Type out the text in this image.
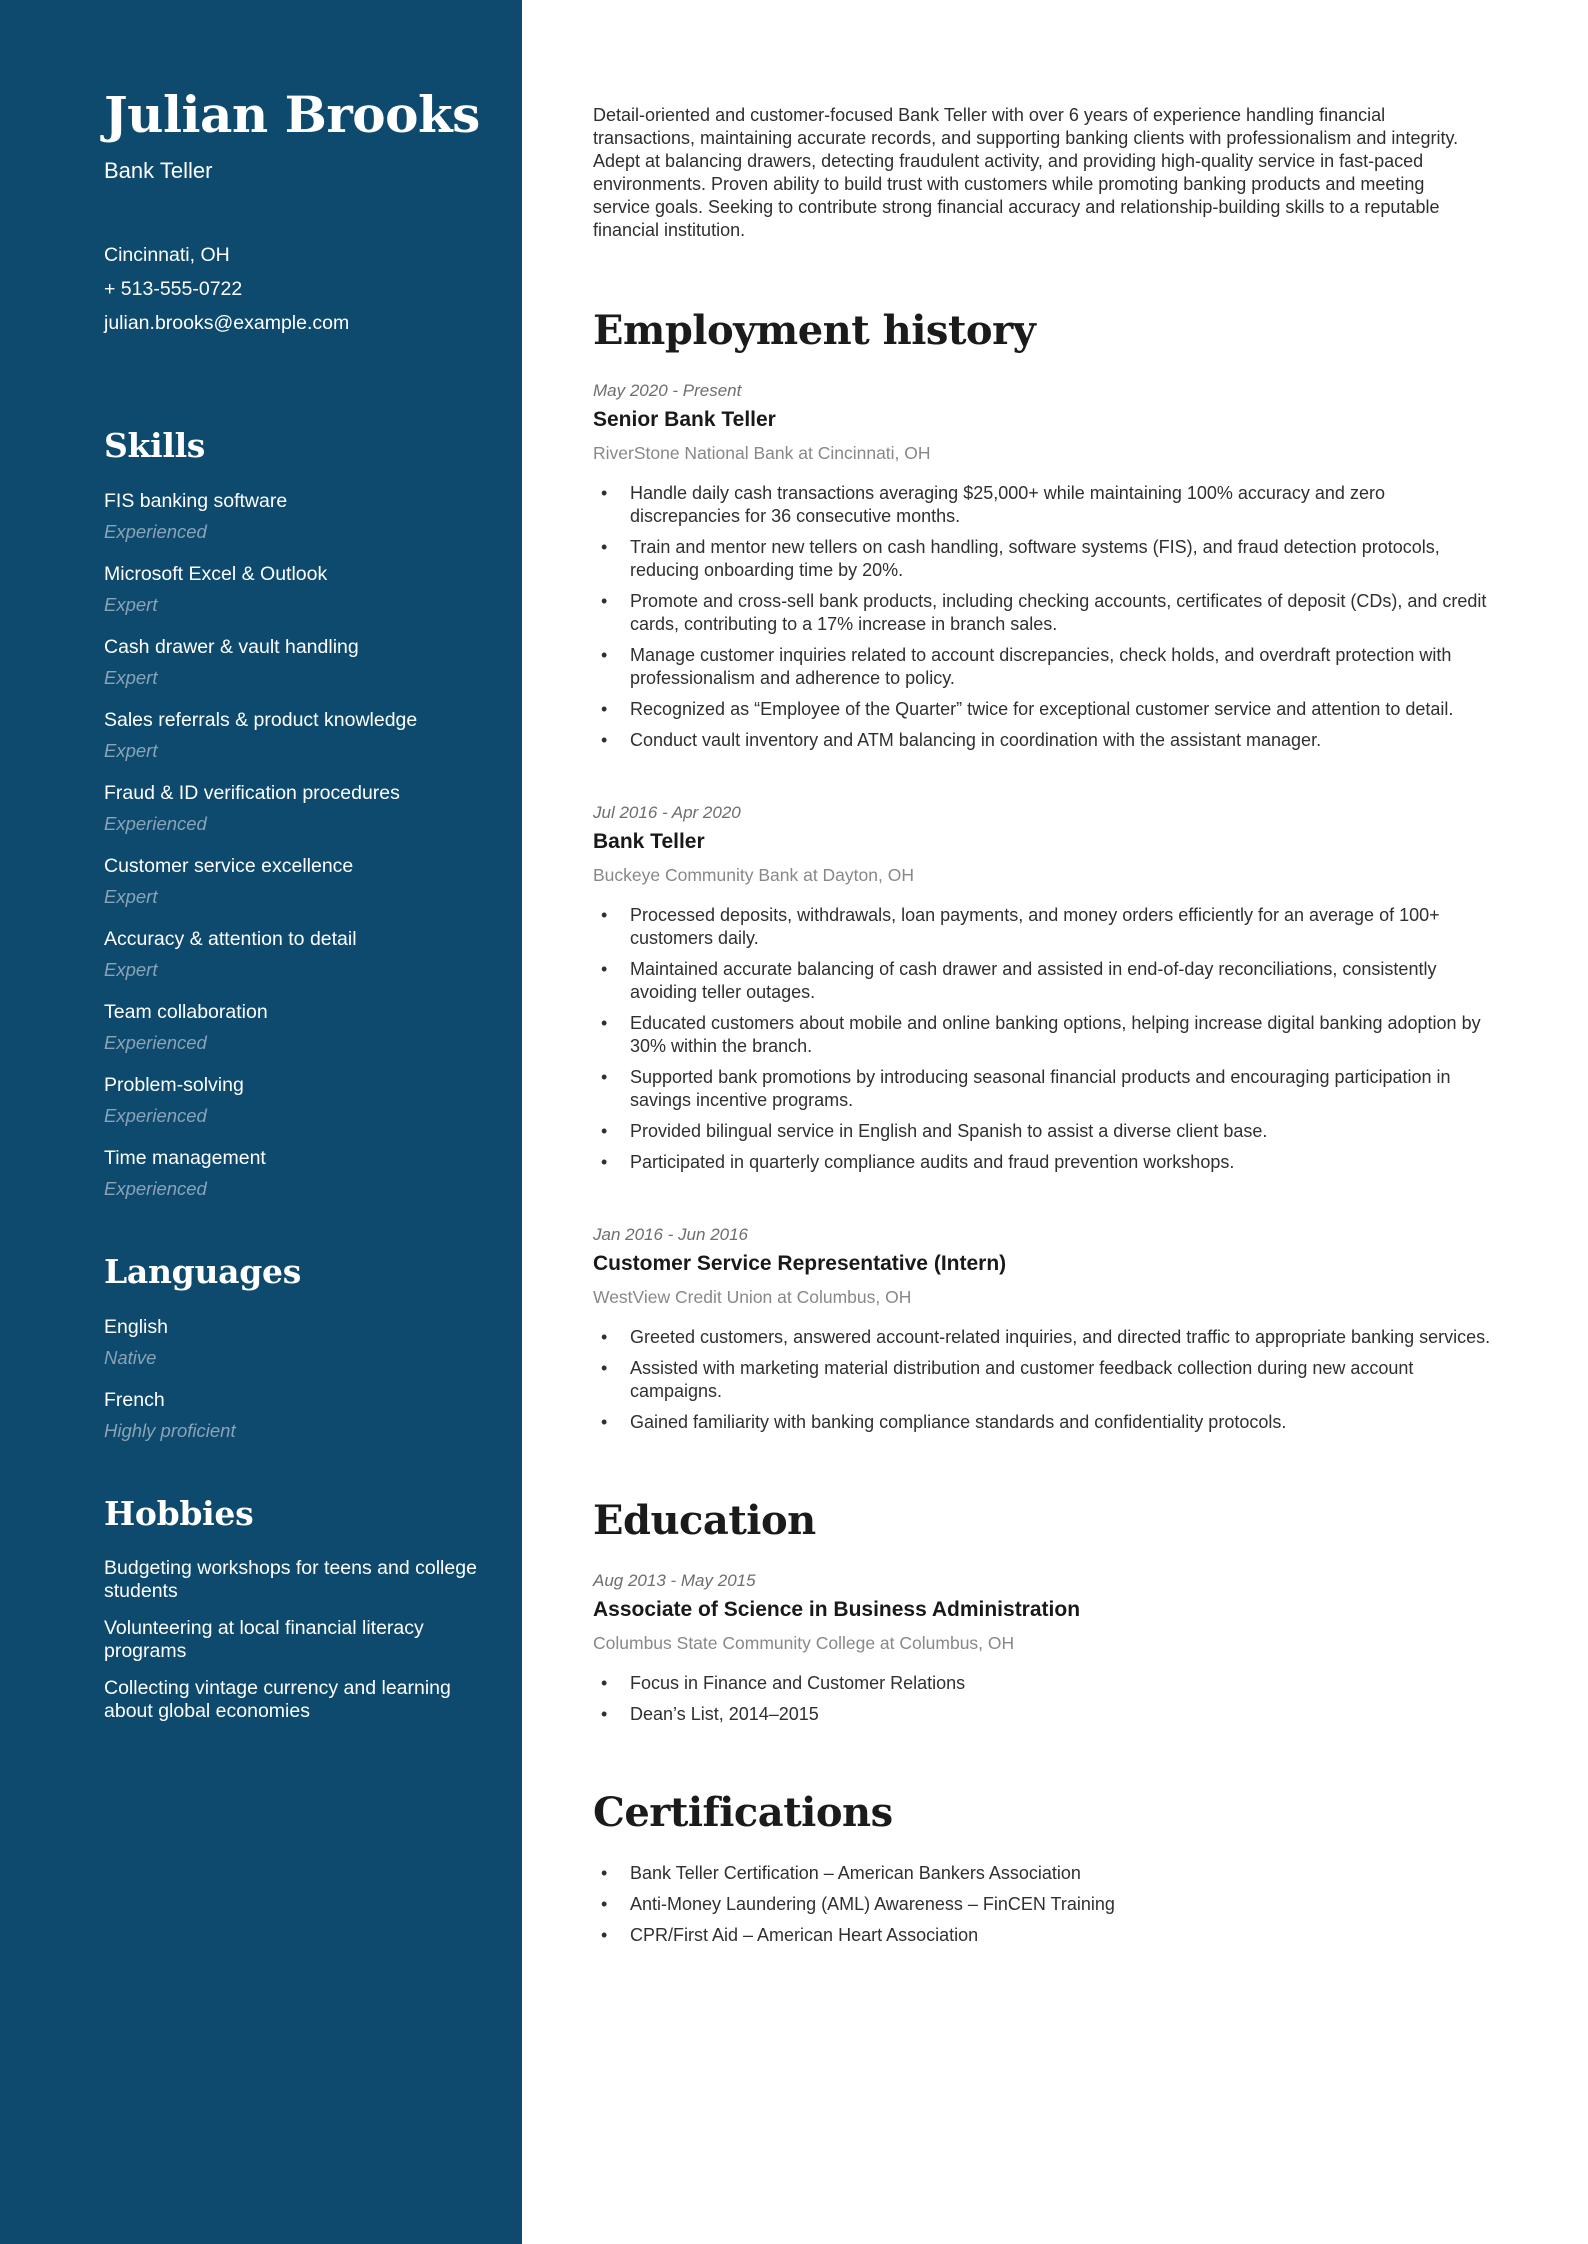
Julian Brooks
Bank Teller
Cincinnati, OH
+ 513-555-0722
julian.brooks@example.com
Skills
FIS banking software
Experienced
Microsoft Excel & Outlook
Expert
Cash drawer & vault handling
Expert
Sales referrals & product knowledge
Expert
Fraud & ID verification procedures
Experienced
Customer service excellence
Expert
Accuracy & attention to detail
Expert
Team collaboration
Experienced
Problem-solving
Experienced
Time management
Experienced
Languages
English
Native
French
Highly proficient
Hobbies
Budgeting workshops for teens and college students
Volunteering at local financial literacy programs
Collecting vintage currency and learning about global economies

Detail-oriented and customer-focused Bank Teller with over 6 years of experience handling financial transactions, maintaining accurate records, and supporting banking clients with professionalism and integrity. Adept at balancing drawers, detecting fraudulent activity, and providing high-quality service in fast-paced environments. Proven ability to build trust with customers while promoting banking products and meeting service goals. Seeking to contribute strong financial accuracy and relationship-building skills to a reputable financial institution.

Employment history
May 2020 - Present
Senior Bank Teller
RiverStone National Bank at Cincinnati, OH
• Handle daily cash transactions averaging $25,000+ while maintaining 100% accuracy and zero discrepancies for 36 consecutive months.
• Train and mentor new tellers on cash handling, software systems (FIS), and fraud detection protocols, reducing onboarding time by 20%.
• Promote and cross-sell bank products, including checking accounts, certificates of deposit (CDs), and credit cards, contributing to a 17% increase in branch sales.
• Manage customer inquiries related to account discrepancies, check holds, and overdraft protection with professionalism and adherence to policy.
• Recognized as “Employee of the Quarter” twice for exceptional customer service and attention to detail.
• Conduct vault inventory and ATM balancing in coordination with the assistant manager.
Jul 2016 - Apr 2020
Bank Teller
Buckeye Community Bank at Dayton, OH
• Processed deposits, withdrawals, loan payments, and money orders efficiently for an average of 100+ customers daily.
• Maintained accurate balancing of cash drawer and assisted in end-of-day reconciliations, consistently avoiding teller outages.
• Educated customers about mobile and online banking options, helping increase digital banking adoption by 30% within the branch.
• Supported bank promotions by introducing seasonal financial products and encouraging participation in savings incentive programs.
• Provided bilingual service in English and Spanish to assist a diverse client base.
• Participated in quarterly compliance audits and fraud prevention workshops.
Jan 2016 - Jun 2016
Customer Service Representative (Intern)
WestView Credit Union at Columbus, OH
• Greeted customers, answered account-related inquiries, and directed traffic to appropriate banking services.
• Assisted with marketing material distribution and customer feedback collection during new account campaigns.
• Gained familiarity with banking compliance standards and confidentiality protocols.
Education
Aug 2013 - May 2015
Associate of Science in Business Administration
Columbus State Community College at Columbus, OH
• Focus in Finance and Customer Relations
• Dean’s List, 2014–2015
Certifications
• Bank Teller Certification – American Bankers Association
• Anti-Money Laundering (AML) Awareness – FinCEN Training
• CPR/First Aid – American Heart Association
